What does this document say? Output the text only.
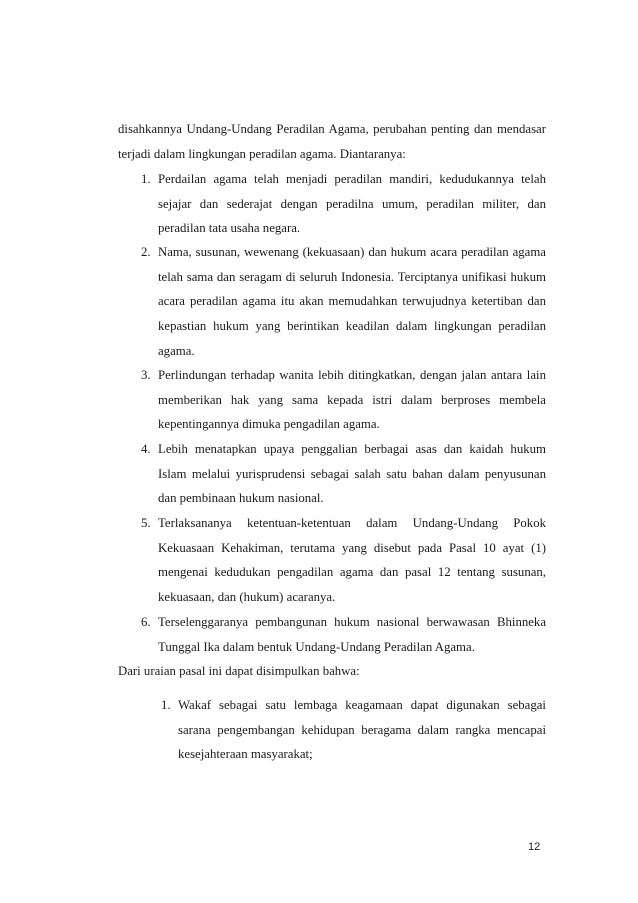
disahkannya Undang-Undang Peradilan Agama, perubahan penting dan mendasar terjadi dalam lingkungan peradilan agama. Diantaranya:

1. Perdailan agama telah menjadi peradilan mandiri, kedudukannya telah sejajar dan sederajat dengan peradilna umum, peradilan militer, dan peradilan tata usaha negara.
2. Nama, susunan, wewenang (kekuasaan) dan hukum acara peradilan agama telah sama dan seragam di seluruh Indonesia. Terciptanya unifikasi hukum acara peradilan agama itu akan memudahkan terwujudnya ketertiban dan kepastian hukum yang berintikan keadilan dalam lingkungan peradilan agama.
3. Perlindungan terhadap wanita lebih ditingkatkan, dengan jalan antara lain memberikan hak yang sama kepada istri dalam berproses membela kepentingannya dimuka pengadilan agama.
4. Lebih menatapkan upaya penggalian berbagai asas dan kaidah hukum Islam melalui yurisprudensi sebagai salah satu bahan dalam penyusunan dan pembinaan hukum nasional.
5. Terlaksananya ketentuan-ketentuan dalam Undang-Undang Pokok Kekuasaan Kehakiman, terutama yang disebut pada Pasal 10 ayat (1) mengenai kedudukan pengadilan agama dan pasal 12 tentang susunan, kekuasaan, dan (hukum) acaranya.
6. Terselenggaranya pembangunan hukum nasional berwawasan Bhinneka Tunggal Ika dalam bentuk Undang-Undang Peradilan Agama.

Dari uraian pasal ini dapat disimpulkan bahwa:

1. Wakaf sebagai satu lembaga keagamaan dapat digunakan sebagai sarana pengembangan kehidupan beragama dalam rangka mencapai kesejahteraan masyarakat;
12
